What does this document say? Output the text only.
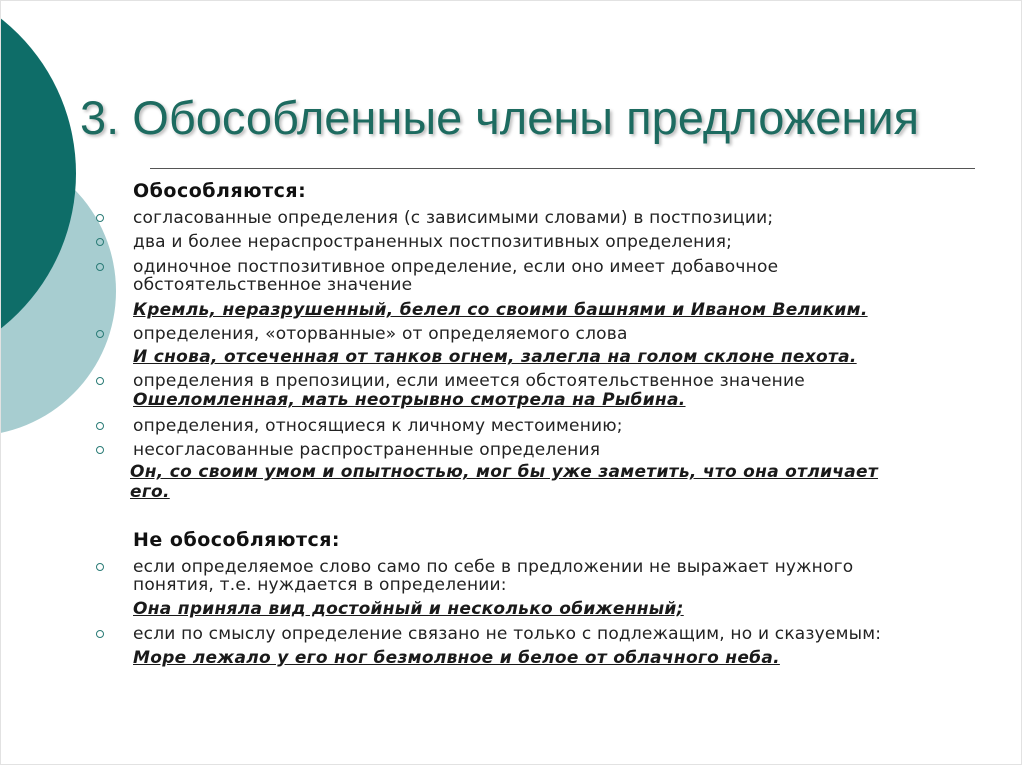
3. Обособленные члены предложения
Обособляются:
согласованные определения (с зависимыми словами) в постпозиции;
два и более нераспространенных постпозитивных определения;
одиночное постпозитивное определение, если оно имеет добавочное
обстоятельственное значение
Кремль, неразрушенный, белел со своими башнями и Иваном Великим.
определения, «оторванные» от определяемого слова
И снова, отсеченная от танков огнем, залегла на голом склоне пехота.
определения в препозиции, если имеется обстоятельственное значение
Ошеломленная, мать неотрывно смотрела на Рыбина.
определения, относящиеся к личному местоимению;
несогласованные распространенные определения
Он, со своим умом и опытностью, мог бы уже заметить, что она отличает
его.
Не обособляются:
если определяемое слово само по себе в предложении не выражает нужного
понятия, т.е. нуждается в определении:
Она приняла вид достойный и несколько обиженный;
если по смыслу определение связано не только с подлежащим, но и сказуемым:
Море лежало у его ног безмолвное и белое от облачного неба.
